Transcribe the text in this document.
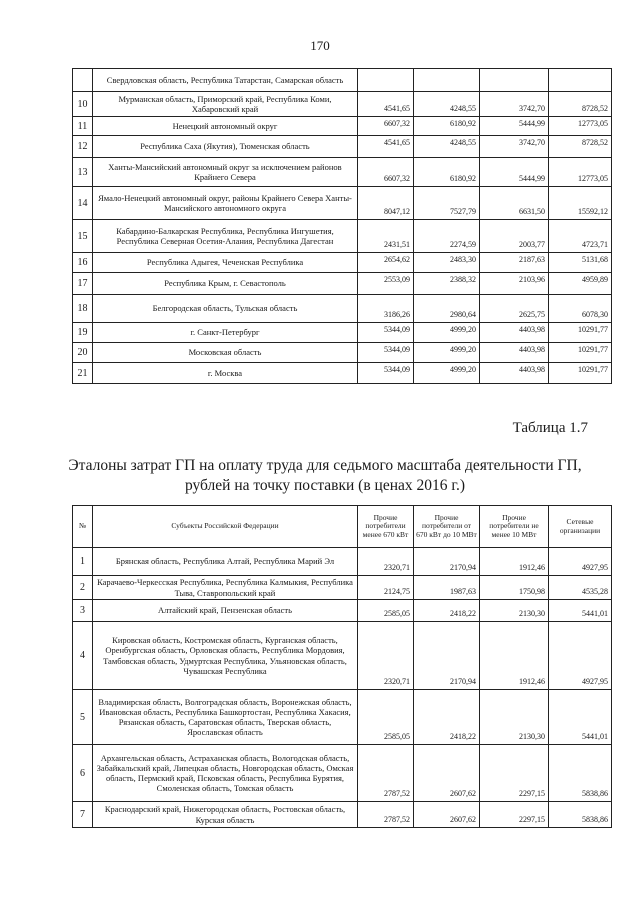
170
	Свердловская область, Республика Татарстан, Самарская область				
10	Мурманская область, Приморский край, Республика Коми, Хабаровский край	4541,65	4248,55	3742,70	8728,52
11	Ненецкий автономный округ	6607,32	6180,92	5444,99	12773,05
12	Республика Саха (Якутия), Тюменская область	4541,65	4248,55	3742,70	8728,52
13	Ханты-Мансийский автономный округ за исключением районов Крайнего Севера	6607,32	6180,92	5444,99	12773,05
14	Ямало-Ненецкий автономный округ, районы Крайнего Севера Ханты-Мансийского автономного округа	8047,12	7527,79	6631,50	15592,12
15	Кабардино-Балкарская Республика, Республика Ингушетия, Республика Северная Осетия-Алания, Республика Дагестан	2431,51	2274,59	2003,77	4723,71
16	Республика Адыгея, Чеченская Республика	2654,62	2483,30	2187,63	5131,68
17	Республика Крым, г. Севастополь	2553,09	2388,32	2103,96	4959,89
18	Белгородская область, Тульская область	3186,26	2980,64	2625,75	6078,30
19	г. Санкт-Петербург	5344,09	4999,20	4403,98	10291,77
20	Московская область	5344,09	4999,20	4403,98	10291,77
21	г. Москва	5344,09	4999,20	4403,98	10291,77
Таблица 1.7
Эталоны затрат ГП на оплату труда для седьмого масштаба деятельности ГП, рублей на точку поставки (в ценах 2016 г.)
№	Субъекты Российской Федерации	Прочие потребители менее 670 кВт	Прочие потребители от 670 кВт до 10 МВт	Прочие потребители не менее 10 МВт	Сетевые организации
1	Брянская область, Республика Алтай, Республика Марий Эл	2320,71	2170,94	1912,46	4927,95
2	Карачаево-Черкесская Республика, Республика Калмыкия, Республика Тыва, Ставропольский край	2124,75	1987,63	1750,98	4535,28
3	Алтайский край, Пензенская область	2585,05	2418,22	2130,30	5441,01
4	Кировская область, Костромская область, Курганская область, Оренбургская область, Орловская область, Республика Мордовия, Тамбовская область, Удмуртская Республика, Ульяновская область, Чувашская Республика	2320,71	2170,94	1912,46	4927,95
5	Владимирская область, Волгоградская область, Воронежская область, Ивановская область, Республика Башкортостан, Республика Хакасия, Рязанская область, Саратовская область, Тверская область, Ярославская область	2585,05	2418,22	2130,30	5441,01
6	Архангельская область, Астраханская область, Вологодская область, Забайкальский край, Липецкая область, Новгородская область, Омская область, Пермский край, Псковская область, Республика Бурятия, Смоленская область, Томская область	2787,52	2607,62	2297,15	5838,86
7	Краснодарский край, Нижегородская область, Ростовская область, Курская область	2787,52	2607,62	2297,15	5838,86
